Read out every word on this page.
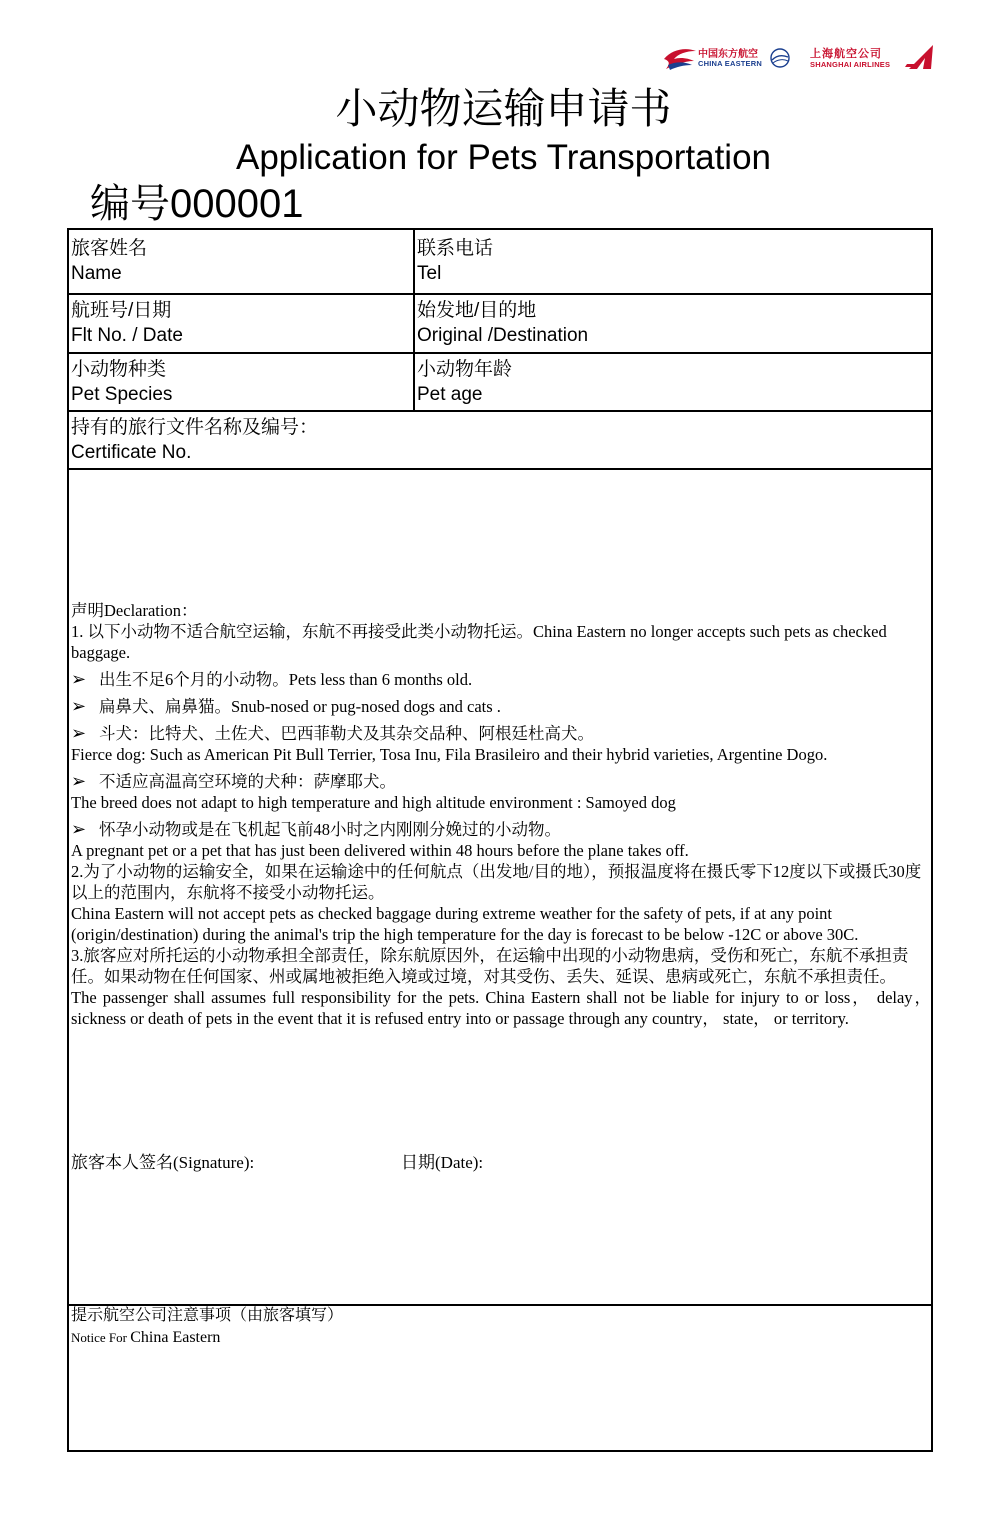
中国东方航空
CHINA EASTERN
上海航空公司
SHANGHAI AIRLINES
小动物运输申请书
Application for Pets Transportation
编号000001
旅客姓名
Name
联系电话
Tel
航班号/日期
Flt No. / Date
始发地/目的地
Original /Destination
小动物种类
Pet Species
小动物年龄
Pet age
持有的旅行文件名称及编号：
Certificate No.
声明Declaration：
1. 以下小动物不适合航空运输，东航不再接受此类小动物托运。China Eastern no longer accepts such pets as checked baggage.
➢ 出生不足6个月的小动物。Pets less than 6 months old.
➢ 扁鼻犬、扁鼻猫。Snub-nosed or pug-nosed dogs and cats .
➢ 斗犬：比特犬、土佐犬、巴西菲勒犬及其杂交品种、阿根廷杜高犬。
Fierce dog: Such as American Pit Bull Terrier, Tosa Inu, Fila Brasileiro and their hybrid varieties, Argentine Dogo.
➢ 不适应高温高空环境的犬种：萨摩耶犬。
The breed does not adapt to high temperature and high altitude environment : Samoyed dog
➢ 怀孕小动物或是在飞机起飞前48小时之内刚刚分娩过的小动物。
A pregnant pet or a pet that has just been delivered within 48 hours before the plane takes off.
2.为了小动物的运输安全，如果在运输途中的任何航点（出发地/目的地），预报温度将在摄氏零下12度以下或摄氏30度以上的范围内，东航将不接受小动物托运。
China Eastern will not accept pets as checked baggage during extreme weather for the safety of pets, if at any point (origin/destination) during the animal's trip the high temperature for the day is forecast to be below -12C or above 30C.
3.旅客应对所托运的小动物承担全部责任，除东航原因外，在运输中出现的小动物患病，受伤和死亡，东航不承担责任。如果动物在任何国家、州或属地被拒绝入境或过境，对其受伤、丢失、延误、患病或死亡，东航不承担责任。
The passenger shall assumes full responsibility for the pets. China Eastern shall not be liable for injury to or loss， delay， sickness or death of pets in the event that it is refused entry into or passage through any country， state， or territory.
旅客本人签名(Signature):	日期(Date):
提示航空公司注意事项（由旅客填写）
Notice For China Eastern
